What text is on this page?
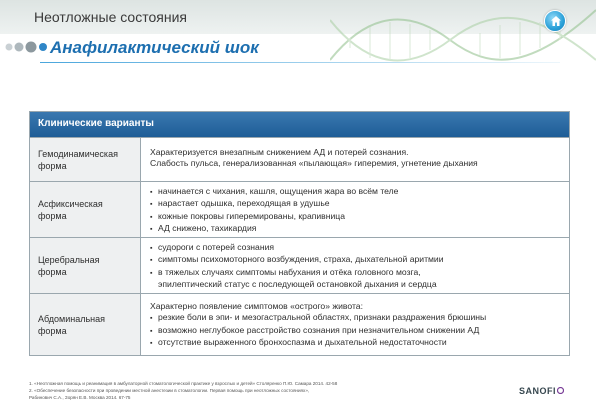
Неотложные состояния
Анафилактический шок
Клинические варианты
Гемодинамическая
форма
Характеризуется внезапным снижением АД и потерей сознания.
Слабость пульса, генерализованная «пылающая» гиперемия, угнетение дыхания
Асфиксическая
форма
▪ начинается с чихания, кашля, ощущения жара во всём теле
▪ нарастает одышка, переходящая в удушье
▪ кожные покровы гиперемированы, крапивница
▪ АД снижено, тахикардия
Церебральная
форма
▪ судороги с потерей сознания
▪ симптомы психомоторного возбуждения, страха, дыхательной аритмии
▪ в тяжелых случаях симптомы набухания и отёка головного мозга,
эпилептический статус с последующей остановкой дыхания и сердца
Абдоминальная
форма
Характерно появление симптомов «острого» живота:
▪ резкие боли в эпи- и мезогастральной областях, признаки раздражения брюшины
▪ возможно неглубокое расстройство сознания при незначительном снижении АД
▪ отсутствие выраженного бронхоспазма и дыхательной недостаточности
1. «Неотложная помощь и реанимация в амбулаторной стоматологической практике у взрослых и детей» Столяренко П.Ю. Самара 2014. 42-58
2. «Обеспечение безопасности при проведении местной анестезии в стоматологии. Первая помощь при неотложных состояниях»,
Рабинович С.А., Зорян Е.В. Москва 2014. 67-75
SANOFI
